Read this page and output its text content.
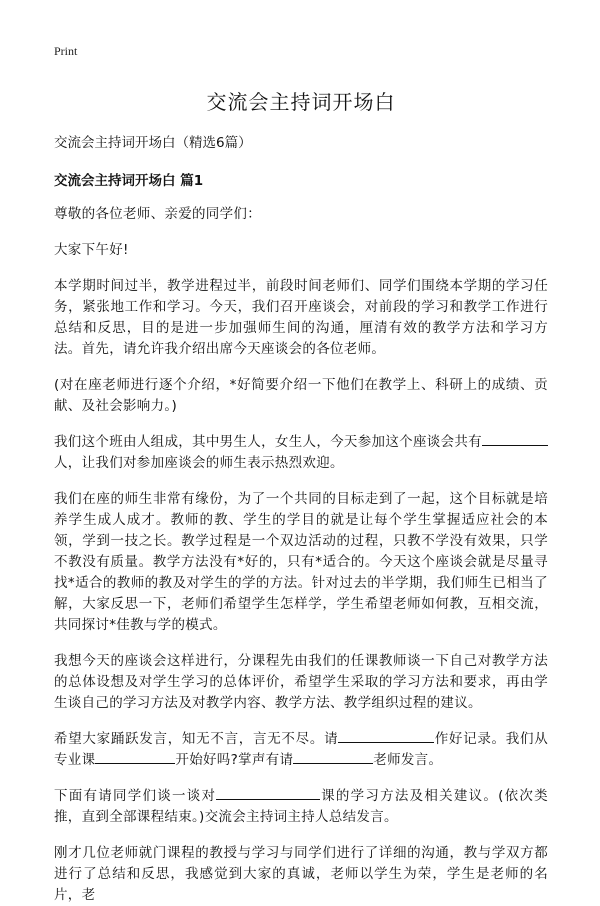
Print
交流会主持词开场白

交流会主持词开场白（精选6篇）

交流会主持词开场白 篇1

尊敬的各位老师、亲爱的同学们：

大家下午好!

本学期时间过半，教学进程过半，前段时间老师们、同学们围绕本学期的学习任务，紧张地工作和学习。今天，我们召开座谈会，对前段的学习和教学工作进行总结和反思，目的是进一步加强师生间的沟通，厘清有效的教学方法和学习方法。首先，请允许我介绍出席今天座谈会的各位老师。

(对在座老师进行逐个介绍，*好简要介绍一下他们在教学上、科研上的成绩、贡献、及社会影响力。)

我们这个班由人组成，其中男生人，女生人，今天参加这个座谈会共有人，让我们对参加座谈会的师生表示热烈欢迎。

我们在座的师生非常有缘份，为了一个共同的目标走到了一起，这个目标就是培养学生成人成才。教师的教、学生的学目的就是让每个学生掌握适应社会的本领，学到一技之长。教学过程是一个双边活动的过程，只教不学没有效果，只学不教没有质量。教学方法没有*好的，只有*适合的。今天这个座谈会就是尽量寻找*适合的教师的教及对学生的学的方法。针对过去的半学期，我们师生已相当了解，大家反思一下，老师们希望学生怎样学，学生希望老师如何教，互相交流，共同探讨*佳教与学的模式。

我想今天的座谈会这样进行，分课程先由我们的任课教师谈一下自己对教学方法的总体设想及对学生学习的总体评价，希望学生采取的学习方法和要求，再由学生谈自己的学习方法及对教学内容、教学方法、教学组织过程的建议。

希望大家踊跃发言，知无不言，言无不尽。请	作好记录。我们从专业课	开始好吗?掌声有请	老师发言。

下面有请同学们谈一谈对	课的学习方法及相关建议。(依次类推，直到全部课程结束。)交流会主持词主持人总结发言。

刚才几位老师就门课程的教授与学习与同学们进行了详细的沟通，教与学双方都进行了总结和反思，我感觉到大家的真诚，老师以学生为荣，学生是老师的名片，老
